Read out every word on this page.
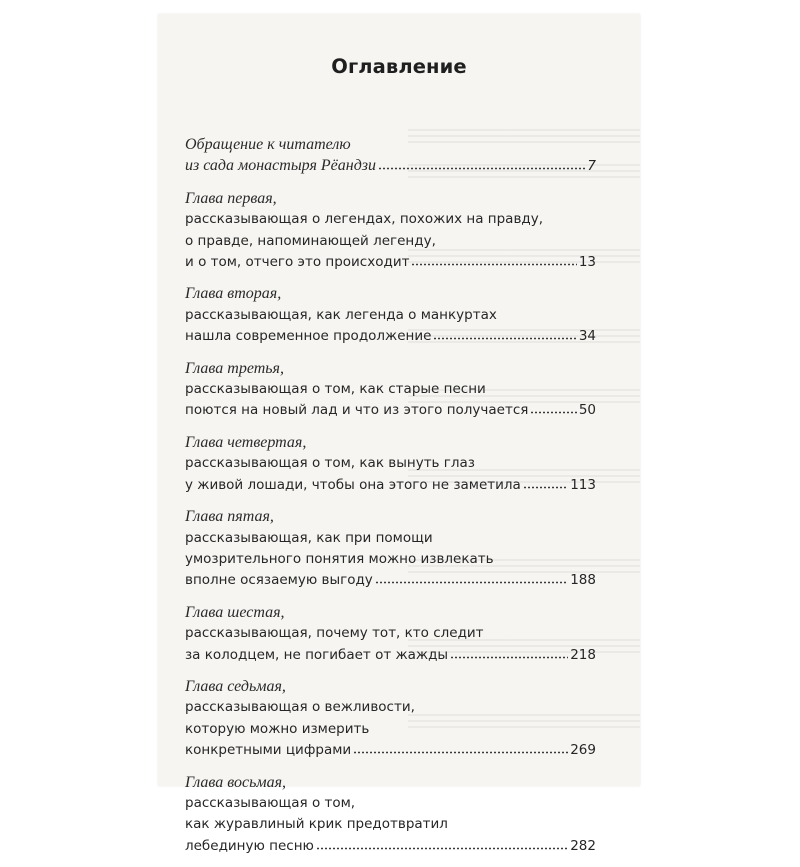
Оглавление
Обращение к читателю
из сада монастыря Рёандзи	7
Глава первая,
рассказывающая о легендах, похожих на правду,
о правде, напоминающей легенду,
и о том, отчего это происходит	13
Глава вторая,
рассказывающая, как легенда о манкуртах
нашла современное продолжение	34
Глава третья,
рассказывающая о том, как старые песни
поются на новый лад и что из этого получается	50
Глава четвертая,
рассказывающая о том, как вынуть глаз
у живой лошади, чтобы она этого не заметила	113
Глава пятая,
рассказывающая, как при помощи
умозрительного понятия можно извлекать
вполне осязаемую выгоду	188
Глава шестая,
рассказывающая, почему тот, кто следит
за колодцем, не погибает от жажды	218
Глава седьмая,
рассказывающая о вежливости,
которую можно измерить
конкретными цифрами	269
Глава восьмая,
рассказывающая о том,
как журавлиный крик предотвратил
лебединую песню	282
